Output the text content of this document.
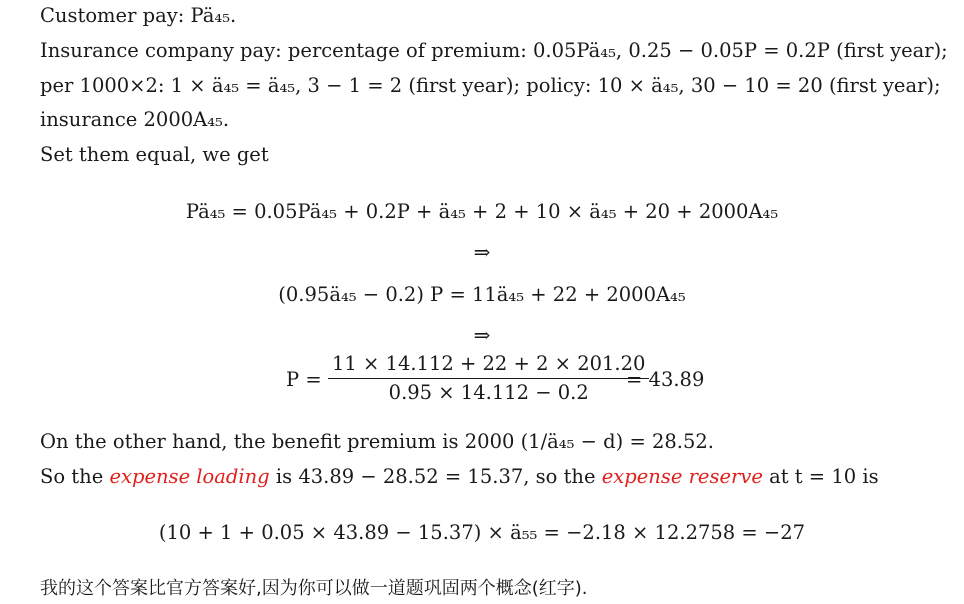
Customer pay: Pä₄₅.
Insurance company pay: percentage of premium: 0.05Pä₄₅, 0.25 − 0.05P = 0.2P (first year);
per 1000×2: 1 × ä₄₅ = ä₄₅, 3 − 1 = 2 (first year); policy: 10 × ä₄₅, 30 − 10 = 20 (first year);
insurance 2000A₄₅.
Set them equal, we get
Pä₄₅ = 0.05Pä₄₅ + 0.2P + ä₄₅ + 2 + 10 × ä₄₅ + 20 + 2000A₄₅
⇒
(0.95ä₄₅ − 0.2) P = 11ä₄₅ + 22 + 2000A₄₅
⇒
$P = \frac{11 \times 14.112 + 22 + 2 \times 201.20}{0.95 \times 14.112 - 0.2}$
= 43.89
On the other hand, the benefit premium is 2000 (1/ä₄₅ − d) = 28.52.
So the expense loading is 43.89 − 28.52 = 15.37, so the expense reserve at t = 10 is
(10 + 1 + 0.05 × 43.89 − 15.37) × ä₅₅ = −2.18 × 12.2758 = −27
我的这个答案比官方答案好,因为你可以做一道题巩固两个概念(红字).
